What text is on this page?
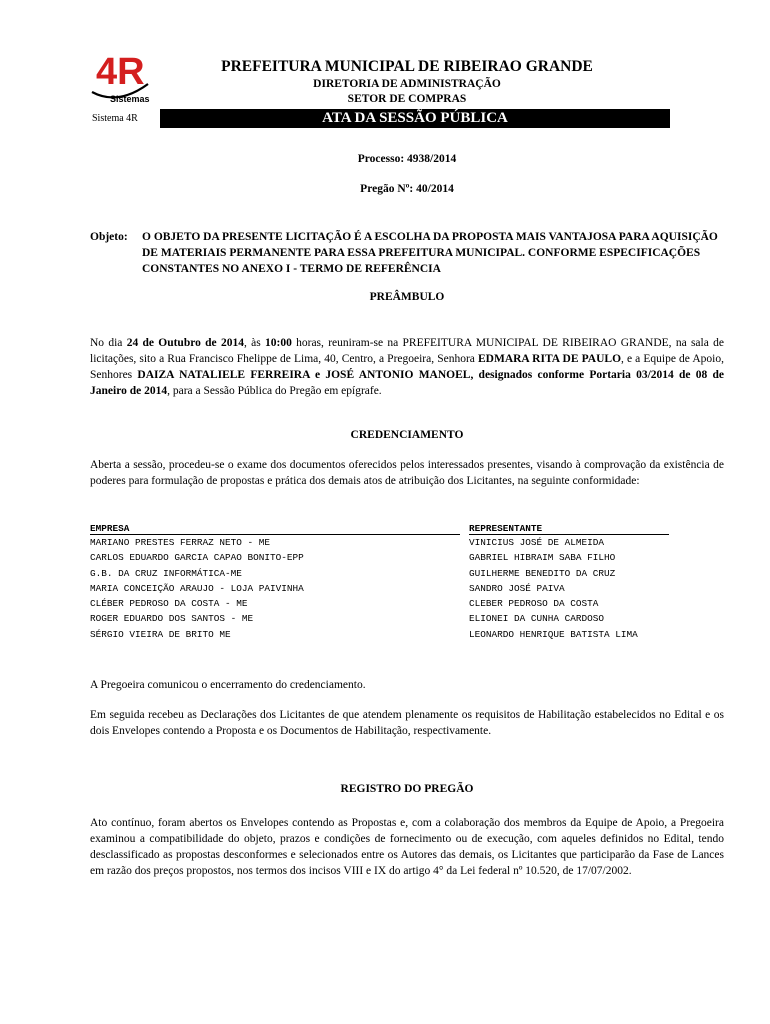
4R
Sistemas
Sistema 4R
PREFEITURA MUNICIPAL DE RIBEIRAO GRANDE
DIRETORIA DE ADMINISTRAÇÃO
SETOR DE COMPRAS
ATA DA SESSÃO PÚBLICA
Processo: 4938/2014
Pregão Nº: 40/2014
Objeto: O OBJETO DA PRESENTE LICITAÇÃO É A ESCOLHA DA PROPOSTA MAIS VANTAJOSA PARA AQUISIÇÃO DE MATERIAIS PERMANENTE PARA ESSA PREFEITURA MUNICIPAL. CONFORME ESPECIFICAÇÕES CONSTANTES NO ANEXO I - TERMO DE REFERÊNCIA
PREÂMBULO
No dia 24 de Outubro de 2014, às 10:00 horas, reuniram-se na PREFEITURA MUNICIPAL DE RIBEIRAO GRANDE, na sala de licitações, sito a Rua Francisco Fhelippe de Lima, 40, Centro, a Pregoeira, Senhora EDMARA RITA DE PAULO, e a Equipe de Apoio, Senhores DAIZA NATALIELE FERREIRA e JOSÉ ANTONIO MANOEL, designados conforme Portaria 03/2014 de 08 de Janeiro de 2014, para a Sessão Pública do Pregão em epígrafe.
CREDENCIAMENTO
Aberta a sessão, procedeu-se o exame dos documentos oferecidos pelos interessados presentes, visando à comprovação da existência de poderes para formulação de propostas e prática dos demais atos de atribuição dos Licitantes, na seguinte conformidade:
EMPRESA	REPRESENTANTE
MARIANO PRESTES FERRAZ NETO - ME	VINICIUS JOSÉ DE ALMEIDA
CARLOS EDUARDO GARCIA CAPAO BONITO-EPP	GABRIEL HIBRAIM SABA FILHO
G.B. DA CRUZ INFORMÁTICA-ME	GUILHERME BENEDITO DA CRUZ
MARIA CONCEIÇÃO ARAUJO - LOJA PAIVINHA	SANDRO JOSÉ PAIVA
CLÉBER PEDROSO DA COSTA - ME	CLEBER PEDROSO DA COSTA
ROGER EDUARDO DOS SANTOS - ME	ELIONEI DA CUNHA CARDOSO
SÉRGIO VIEIRA DE BRITO ME	LEONARDO HENRIQUE BATISTA LIMA
A Pregoeira comunicou o encerramento do credenciamento.
Em seguida recebeu as Declarações dos Licitantes de que atendem plenamente os requisitos de Habilitação estabelecidos no Edital e os dois Envelopes contendo a Proposta e os Documentos de Habilitação, respectivamente.
REGISTRO DO PREGÃO
Ato contínuo, foram abertos os Envelopes contendo as Propostas e, com a colaboração dos membros da Equipe de Apoio, a Pregoeira examinou a compatibilidade do objeto, prazos e condições de fornecimento ou de execução, com aqueles definidos no Edital, tendo desclassificado as propostas desconformes e selecionados entre os Autores das demais, os Licitantes que participarão da Fase de Lances em razão dos preços propostos, nos termos dos incisos VIII e IX do artigo 4° da Lei federal nº 10.520, de 17/07/2002.
